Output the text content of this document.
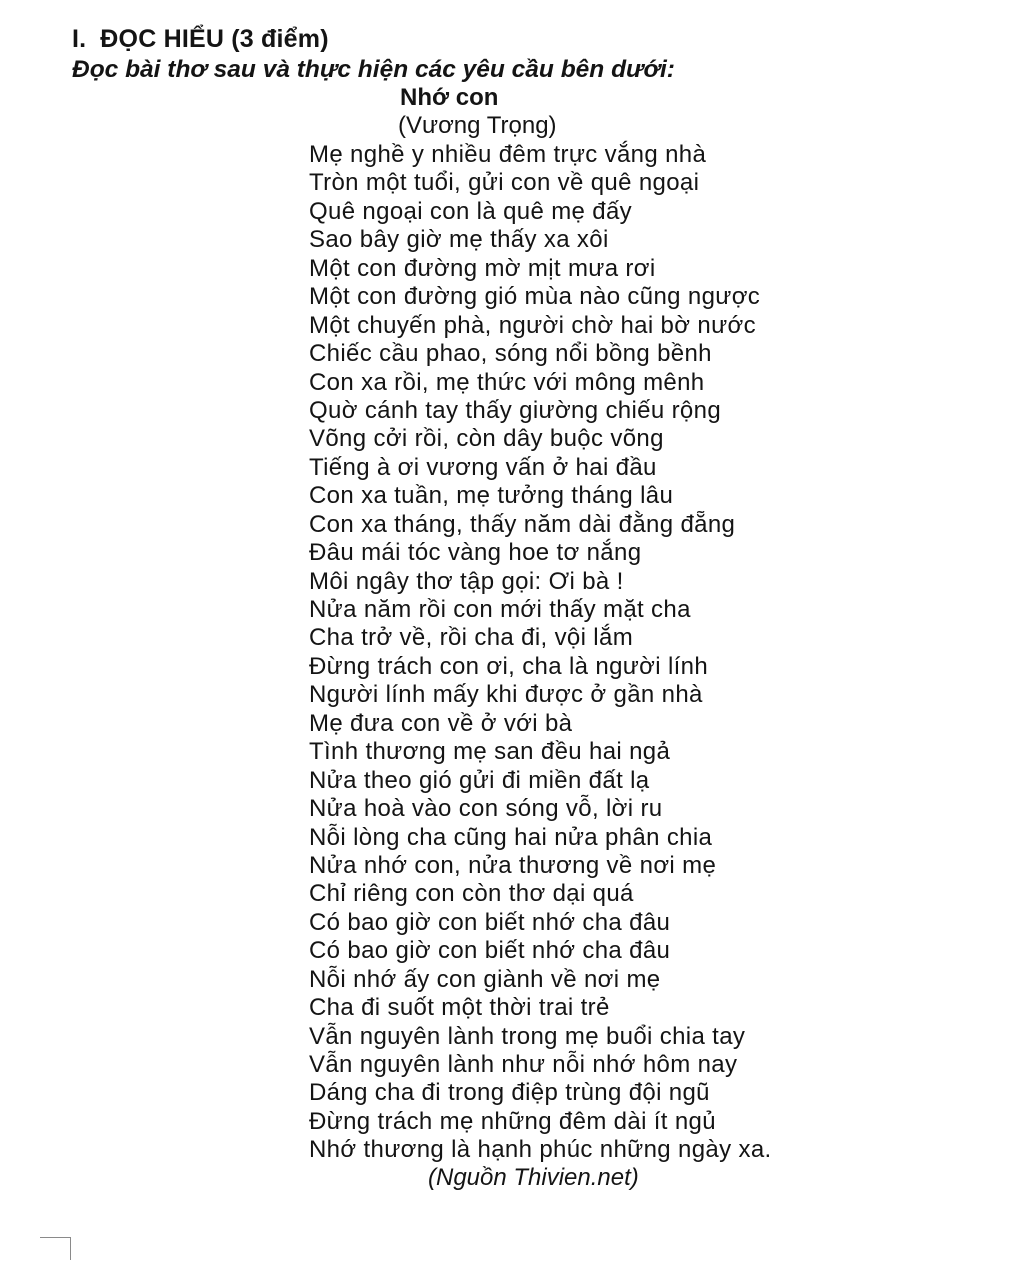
I. ĐỌC HIỂU (3 điểm)
Đọc bài thơ sau và thực hiện các yêu cầu bên dưới:
Nhớ con
(Vương Trọng)
Mẹ nghề y nhiều đêm trực vắng nhà
Tròn một tuổi, gửi con về quê ngoại
Quê ngoại con là quê mẹ đấy
Sao bây giờ mẹ thấy xa xôi
Một con đường mờ mịt mưa rơi
Một con đường gió mùa nào cũng ngược
Một chuyến phà, người chờ hai bờ nước
Chiếc cầu phao, sóng nổi bồng bềnh
Con xa rồi, mẹ thức với mông mênh
Quờ cánh tay thấy giường chiếu rộng
Võng cởi rồi, còn dây buộc võng
Tiếng à ơi vương vấn ở hai đầu
Con xa tuần, mẹ tưởng tháng lâu
Con xa tháng, thấy năm dài đằng đẵng
Đâu mái tóc vàng hoe tơ nắng
Môi ngây thơ tập gọi: Ơi bà !
Nửa năm rồi con mới thấy mặt cha
Cha trở về, rồi cha đi, vội lắm
Đừng trách con ơi, cha là người lính
Người lính mấy khi được ở gần nhà
Mẹ đưa con về ở với bà
Tình thương mẹ san đều hai ngả
Nửa theo gió gửi đi miền đất lạ
Nửa hoà vào con sóng vỗ, lời ru
Nỗi lòng cha cũng hai nửa phân chia
Nửa nhớ con, nửa thương về nơi mẹ
Chỉ riêng con còn thơ dại quá
Có bao giờ con biết nhớ cha đâu
Có bao giờ con biết nhớ cha đâu
Nỗi nhớ ấy con giành về nơi mẹ
Cha đi suốt một thời trai trẻ
Vẫn nguyên lành trong mẹ buổi chia tay
Vẫn nguyên lành như nỗi nhớ hôm nay
Dáng cha đi trong điệp trùng đội ngũ
Đừng trách mẹ những đêm dài ít ngủ
Nhớ thương là hạnh phúc những ngày xa.
(Nguồn Thivien.net)
